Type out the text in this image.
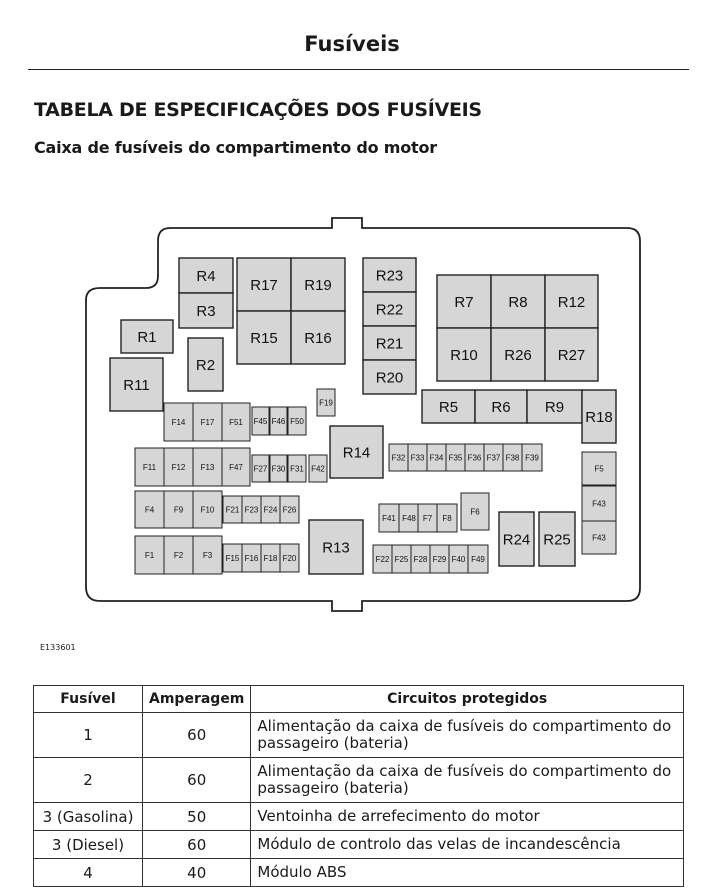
Fusíveis
TABELA DE ESPECIFICAÇÕES DOS FUSÍVEIS
Caixa de fusíveis do compartimento do motor
R4
R3
R17 R19
R15 R16
R23
R22
R21
R20
R7 R8 R12
R10 R26 R27
R1
R2
R11
R5 R6 R9
R18
R14
R13	R24 R25
F14 F17 F51 F45 F46 F50
F19
F11 F12 F13 F47 F27 F30 F31 F42
F32 F33 F34 F35 F36 F37 F38 F39
F5
F43
F4 F9 F10 F21 F23 F24 F26
F41 F48 F7 F8
F6
F43
F1 F2 F3 F15 F16 F18 F20	F22 F25 F28 F29 F40 F49
E133601
Fusível	Amperagem	Circuitos protegidos
1	60	Alimentação da caixa de fusíveis do compartimento do passageiro (bateria)
2	60	Alimentação da caixa de fusíveis do compartimento do passageiro (bateria)
3 (Gasolina)	50	Ventoinha de arrefecimento do motor
3 (Diesel)	60	Módulo de controlo das velas de incandescência
4	40	Módulo ABS
